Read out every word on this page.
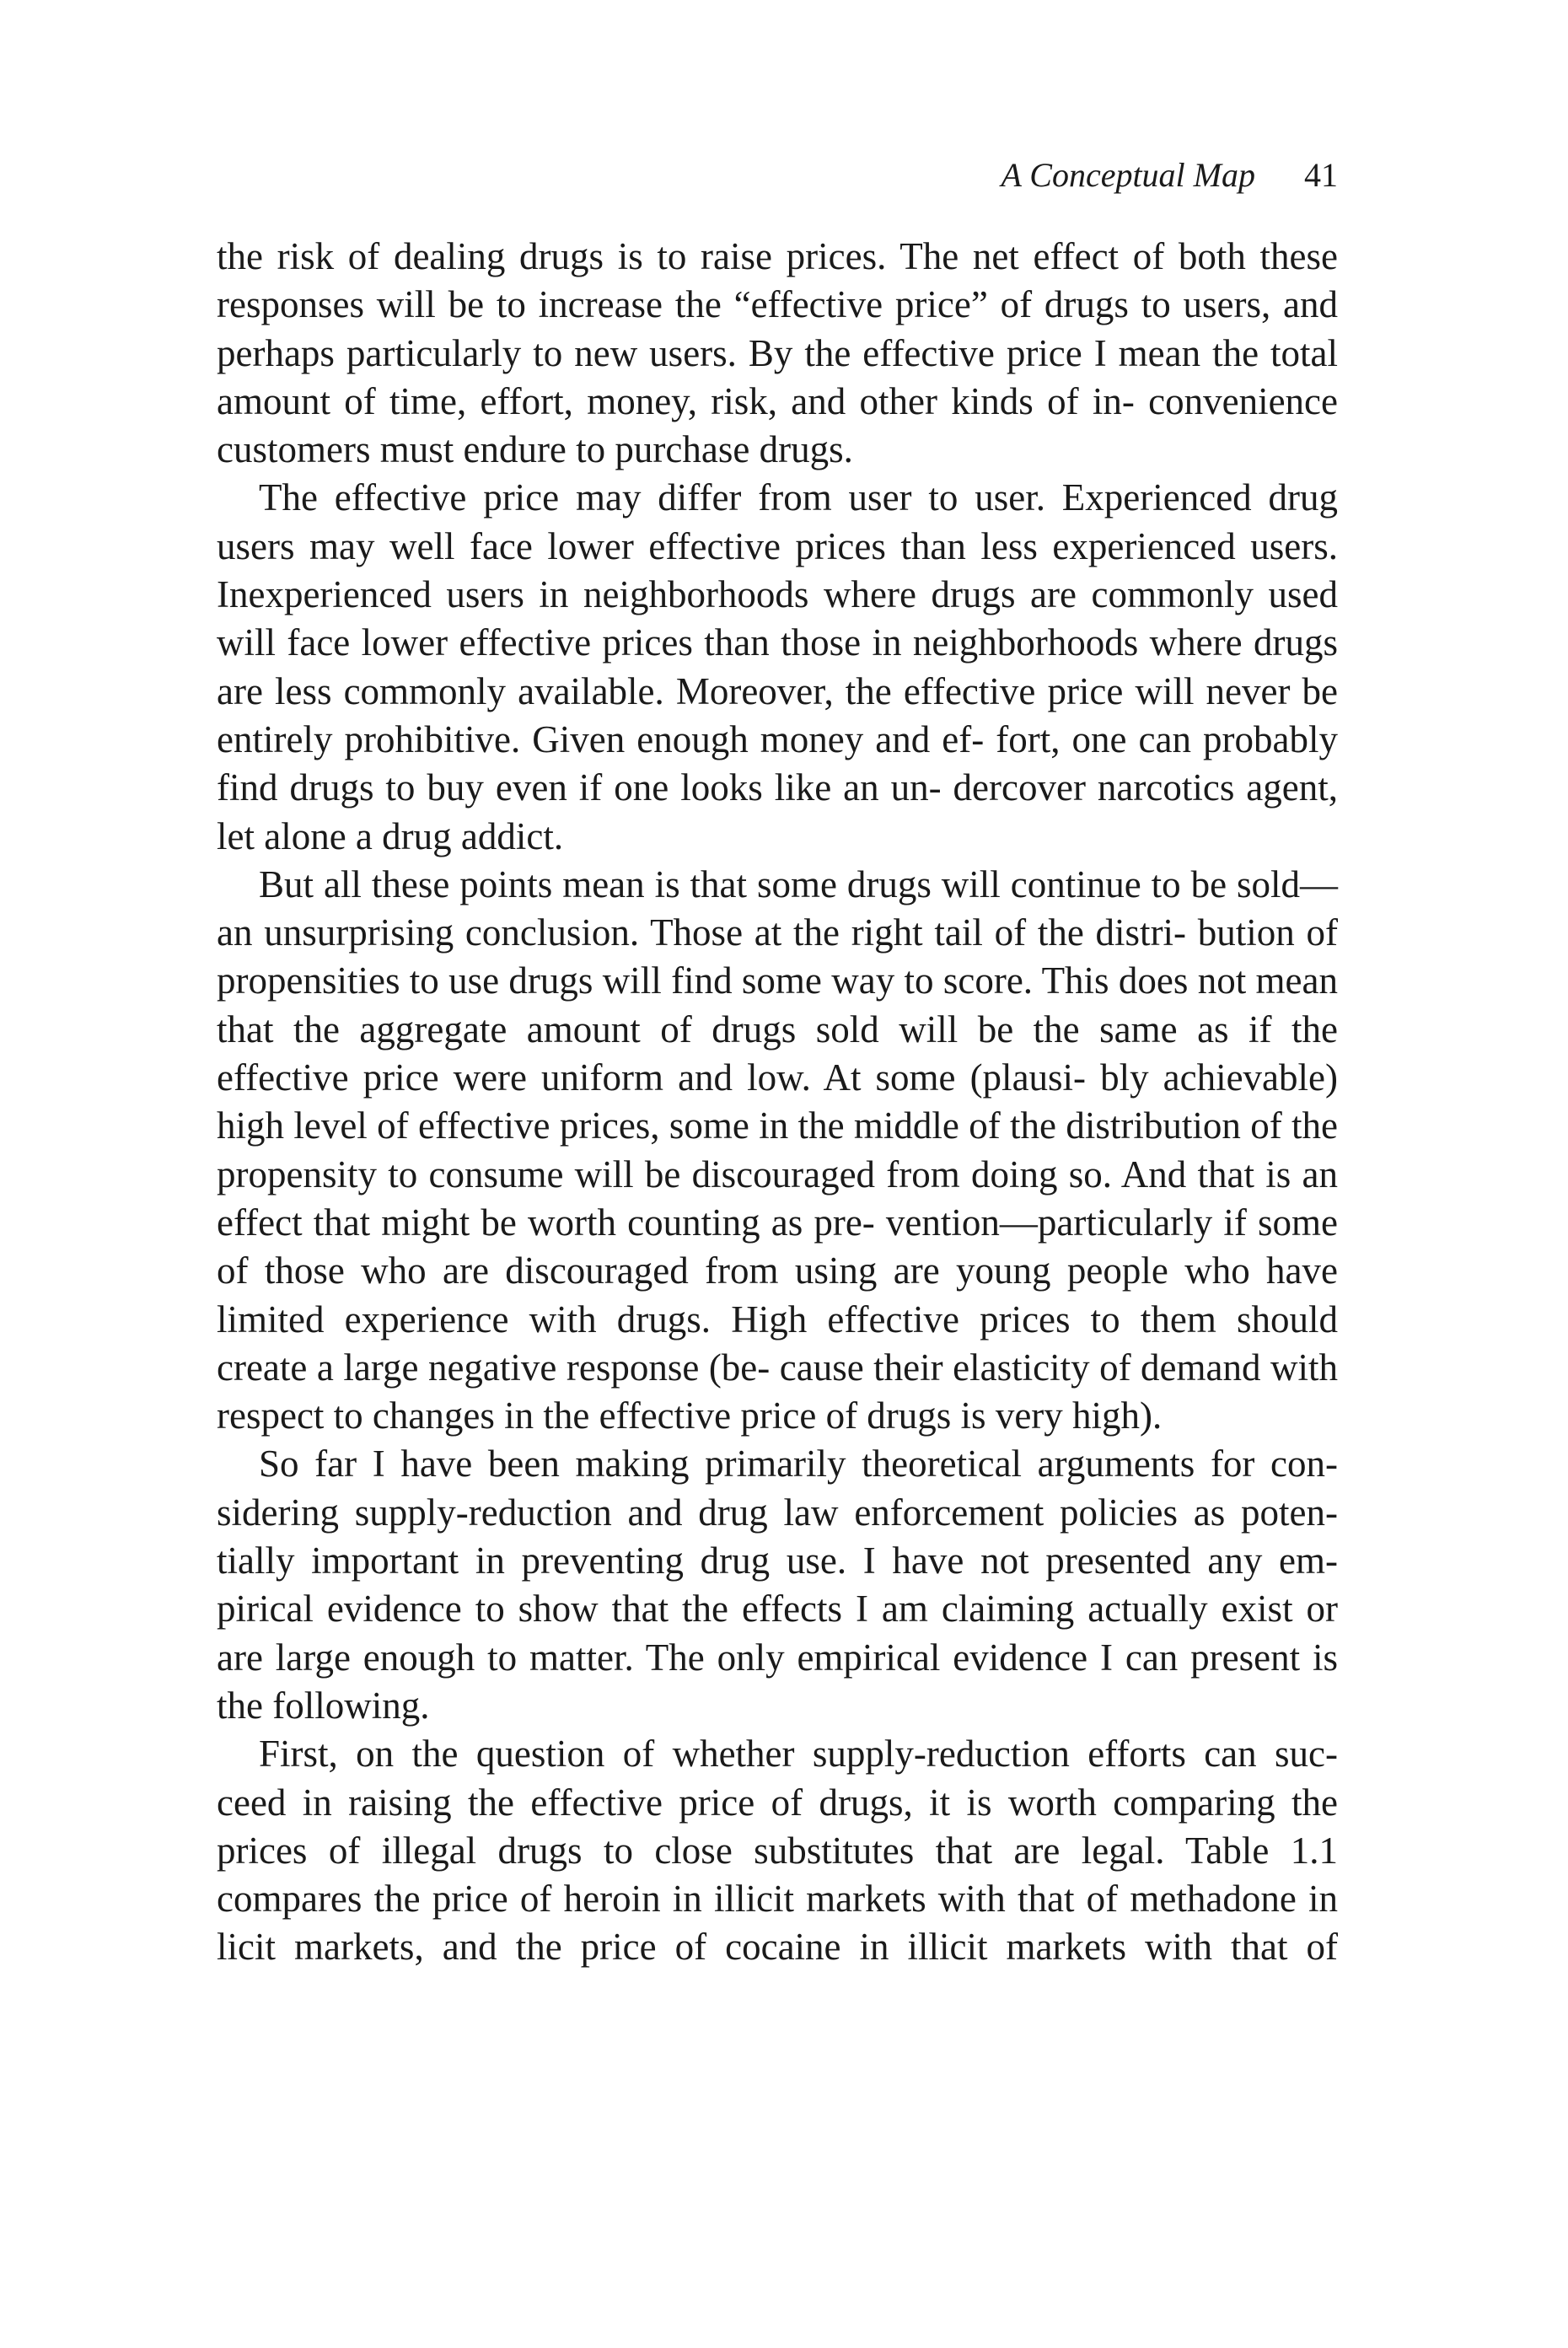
A Conceptual Map 41

the risk of dealing drugs is to raise prices. The net effect of both these responses will be to increase the “effective price” of drugs to users, and perhaps particularly to new users. By the effective price I mean the total amount of time, effort, money, risk, and other kinds of in- convenience customers must endure to purchase drugs.

The effective price may differ from user to user. Experienced drug users may well face lower effective prices than less experienced users. Inexperienced users in neighborhoods where drugs are commonly used will face lower effective prices than those in neighborhoods where drugs are less commonly available. Moreover, the effective price will never be entirely prohibitive. Given enough money and ef- fort, one can probably find drugs to buy even if one looks like an un- dercover narcotics agent, let alone a drug addict.

But all these points mean is that some drugs will continue to be sold—an unsurprising conclusion. Those at the right tail of the distri- bution of propensities to use drugs will find some way to score. This does not mean that the aggregate amount of drugs sold will be the same as if the effective price were uniform and low. At some (plausi- bly achievable) high level of effective prices, some in the middle of the distribution of the propensity to consume will be discouraged from doing so. And that is an effect that might be worth counting as pre- vention—particularly if some of those who are discouraged from using are young people who have limited experience with drugs. High effective prices to them should create a large negative response (be- cause their elasticity of demand with respect to changes in the effective price of drugs is very high).

So far I have been making primarily theoretical arguments for con- sidering supply-reduction and drug law enforcement policies as poten- tially important in preventing drug use. I have not presented any em- pirical evidence to show that the effects I am claiming actually exist or are large enough to matter. The only empirical evidence I can present is the following.

First, on the question of whether supply-reduction efforts can suc- ceed in raising the effective price of drugs, it is worth comparing the prices of illegal drugs to close substitutes that are legal. Table 1.1 compares the price of heroin in illicit markets with that of methadone in licit markets, and the price of cocaine in illicit markets with that of
